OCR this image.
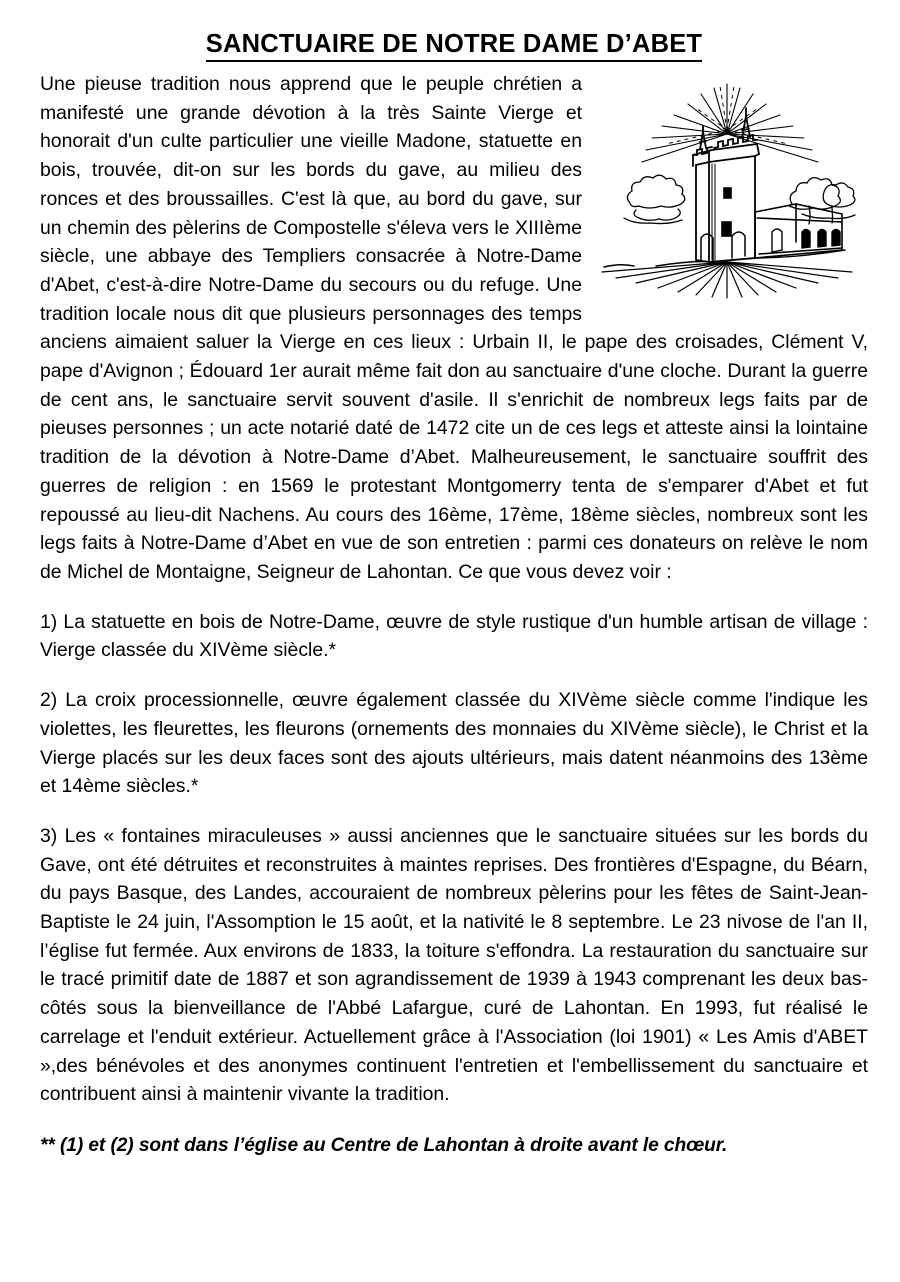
SANCTUAIRE DE NOTRE DAME D’ABET

Une pieuse tradition nous apprend que le peuple chrétien a manifesté une grande dévotion à la très Sainte Vierge et honorait d'un culte particulier une vieille Madone, statuette en bois, trouvée, dit-on sur les bords du gave, au milieu des ronces et des broussailles. C'est là que, au bord du gave, sur un chemin des pèlerins de Compostelle s'éleva vers le XIIIème siècle, une abbaye des Templiers consacrée à Notre-Dame d'Abet, c'est-à-dire Notre-Dame du secours ou du refuge. Une tradition locale nous dit que plusieurs personnages des temps anciens aimaient saluer la Vierge en ces lieux : Urbain II, le pape des croisades, Clément V, pape d'Avignon ; Édouard 1er aurait même fait don au sanctuaire d'une cloche. Durant la guerre de cent ans, le sanctuaire servit souvent d'asile. Il s'enrichit de nombreux legs faits par de pieuses personnes ; un acte notarié daté de 1472 cite un de ces legs et atteste ainsi la lointaine tradition de la dévotion à Notre-Dame d’Abet. Malheureusement, le sanctuaire souffrit des guerres de religion : en 1569 le protestant Montgomerry tenta de s'emparer d'Abet et fut repoussé au lieu-dit Nachens. Au cours des 16ème, 17ème, 18ème siècles, nombreux sont les legs faits à Notre-Dame d’Abet en vue de son entretien : parmi ces donateurs on relève le nom de Michel de Montaigne, Seigneur de Lahontan. Ce que vous devez voir :

1) La statuette en bois de Notre-Dame, œuvre de style rustique d'un humble artisan de village : Vierge classée du XIVème siècle.*

2) La croix processionnelle, œuvre également classée du XIVème siècle comme l'indique les violettes, les fleurettes, les fleurons (ornements des monnaies du XIVème siècle), le Christ et la Vierge placés sur les deux faces sont des ajouts ultérieurs, mais datent néanmoins des 13ème et 14ème siècles.*

3) Les « fontaines miraculeuses » aussi anciennes que le sanctuaire situées sur les bords du Gave, ont été détruites et reconstruites à maintes reprises. Des frontières d'Espagne, du Béarn, du pays Basque, des Landes, accouraient de nombreux pèlerins pour les fêtes de Saint-Jean-Baptiste le 24 juin, l'Assomption le 15 août, et la nativité le 8 septembre. Le 23 nivose de l'an II, l’église fut fermée. Aux environs de 1833, la toiture s'effondra. La restauration du sanctuaire sur le tracé primitif date de 1887 et son agrandissement de 1939 à 1943 comprenant les deux bas-côtés sous la bienveillance de l'Abbé Lafargue, curé de Lahontan. En 1993, fut réalisé le carrelage et l'enduit extérieur. Actuellement grâce à l'Association (loi 1901) « Les Amis d'ABET »,des bénévoles et des anonymes continuent l'entretien et l'embellissement du sanctuaire et contribuent ainsi à maintenir vivante la tradition.

** (1) et (2) sont dans l’église au Centre de Lahontan à droite avant le chœur.
